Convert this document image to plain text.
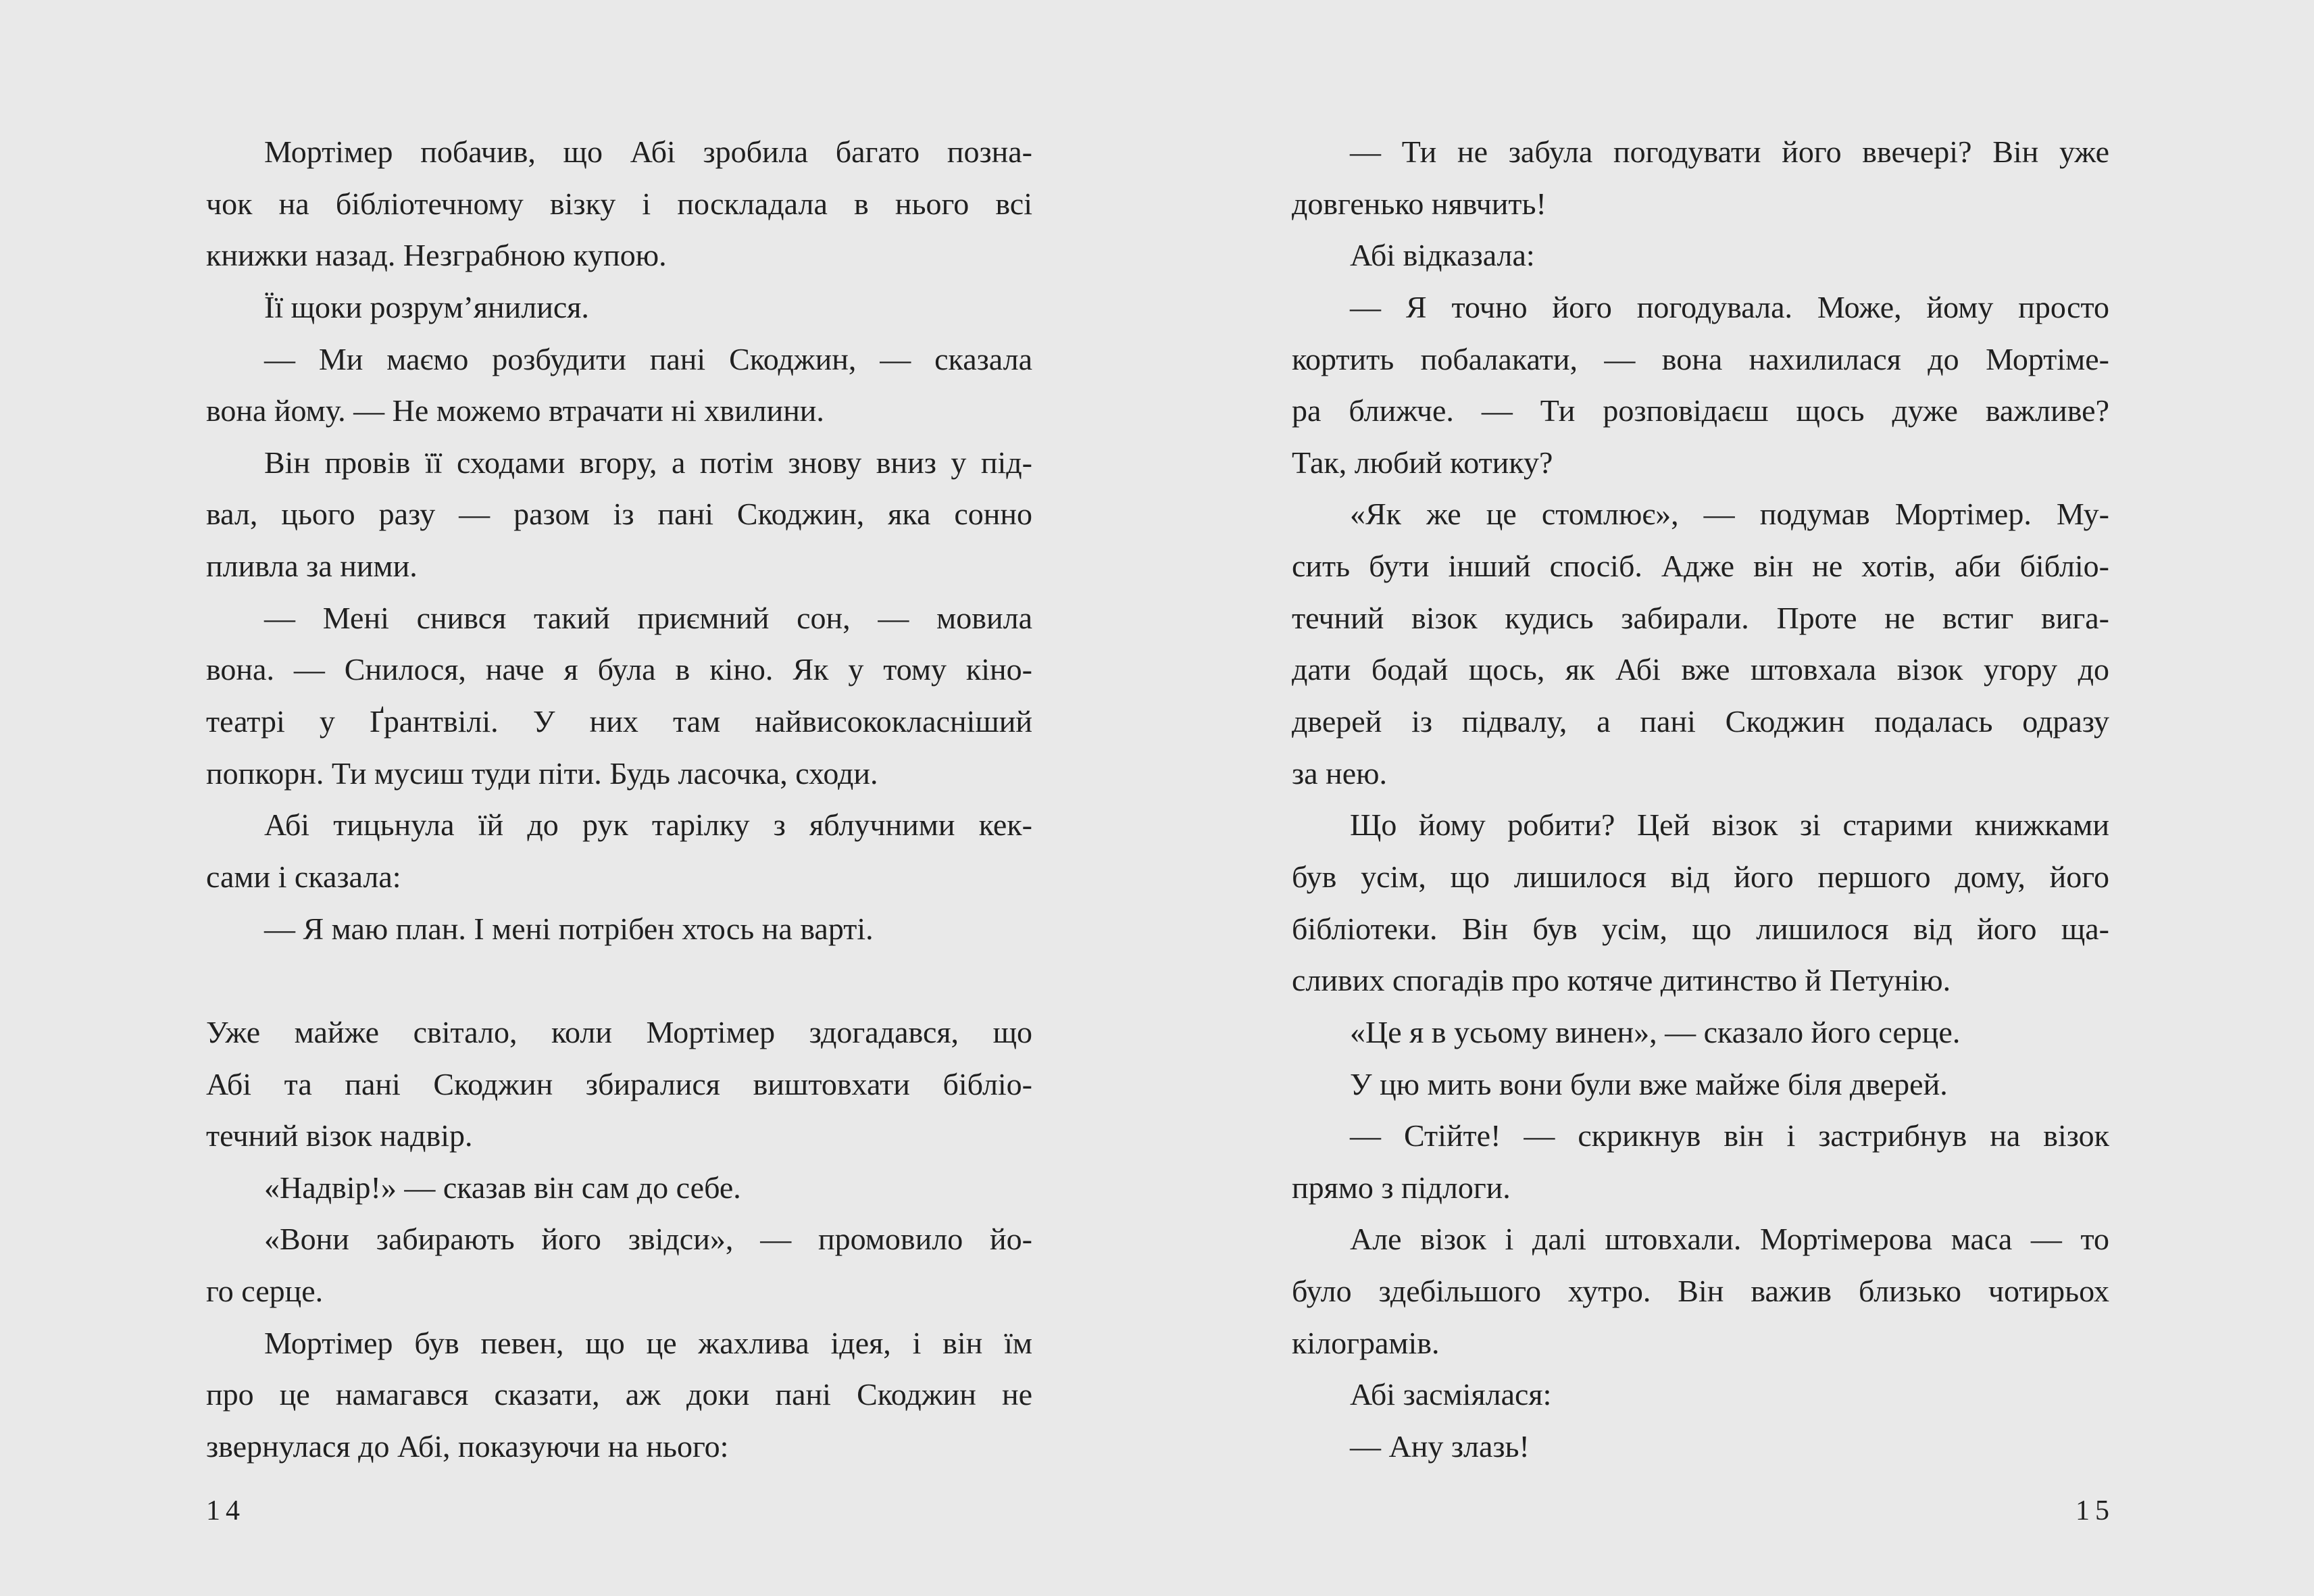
Мортімер побачив, що Абі зробила багато позна-
чок на бібліотечному візку і поскладала в нього всі
книжки назад. Незграбною купою.
Її щоки розрум’янилися.
— Ми маємо розбудити пані Скоджин, — сказала
вона йому. — Не можемо втрачати ні хвилини.
Він провів її сходами вгору, а потім знову вниз у під-
вал, цього разу — разом із пані Скоджин, яка сонно
пливла за ними.
— Мені снився такий приємний сон, — мовила
вона. — Снилося, наче я була в кіно. Як у тому кіно-
театрі у Ґрантвілі. У них там найвисококласніший
попкорн. Ти мусиш туди піти. Будь ласочка, сходи.
Абі тицьнула їй до рук тарілку з яблучними кек-
сами і сказала:
— Я маю план. І мені потрібен хтось на варті.

Уже майже світало, коли Мортімер здогадався, що
Абі та пані Скоджин збиралися виштовхати бібліо-
течний візок надвір.
«Надвір!» — сказав він сам до себе.
«Вони забирають його звідси», — промовило йо-
го серце.
Мортімер був певен, що це жахлива ідея, і він їм
про це намагався сказати, аж доки пані Скоджин не
звернулася до Абі, показуючи на нього:
14
— Ти не забула погодувати його ввечері? Він уже
довгенько нявчить!
Абі відказала:
— Я точно його погодувала. Може, йому просто
кортить побалакати, — вона нахилилася до Мортіме-
ра ближче. — Ти розповідаєш щось дуже важливе?
Так, любий котику?
«Як же це стомлює», — подумав Мортімер. Му-
сить бути інший спосіб. Адже він не хотів, аби бібліо-
течний візок кудись забирали. Проте не встиг вига-
дати бодай щось, як Абі вже штовхала візок угору до
дверей із підвалу, а пані Скоджин подалась одразу
за нею.
Що йому робити? Цей візок зі старими книжками
був усім, що лишилося від його першого дому, його
бібліотеки. Він був усім, що лишилося від його ща-
сливих спогадів про котяче дитинство й Петунію.
«Це я в усьому винен», — сказало його серце.
У цю мить вони були вже майже біля дверей.
— Стійте! — скрикнув він і застрибнув на візок
прямо з підлоги.
Але візок і далі штовхали. Мортімерова маса — то
було здебільшого хутро. Він важив близько чотирьох
кілограмів.
Абі засміялася:
— Ану злазь!
15
